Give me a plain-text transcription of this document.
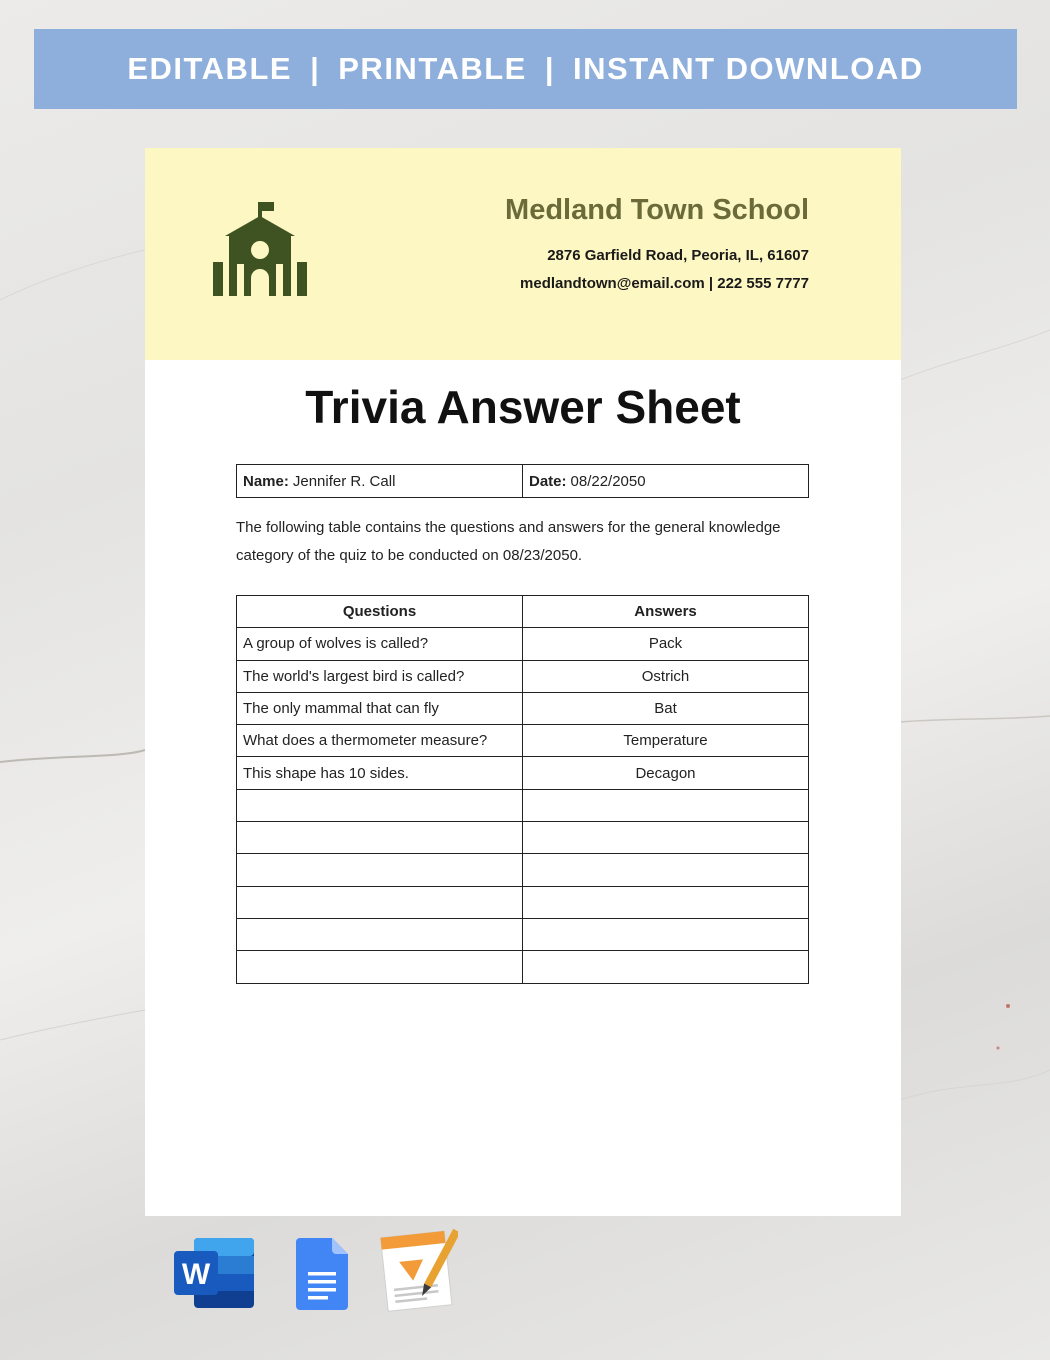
EDITABLE | PRINTABLE | INSTANT DOWNLOAD
Medland Town School
2876 Garfield Road, Peoria, IL, 61607
medlandtown@email.com | 222 555 7777
Trivia Answer Sheet
Name: Jennifer R. Call	Date: 08/22/2050

The following table contains the questions and answers for the general knowledge category of the quiz to be conducted on 08/23/2050.

Questions	Answers
A group of wolves is called?	Pack
The world's largest bird is called?	Ostrich
The only mammal that can fly	Bat
What does a thermometer measure?	Temperature
This shape has 10 sides.	Decagon

W
